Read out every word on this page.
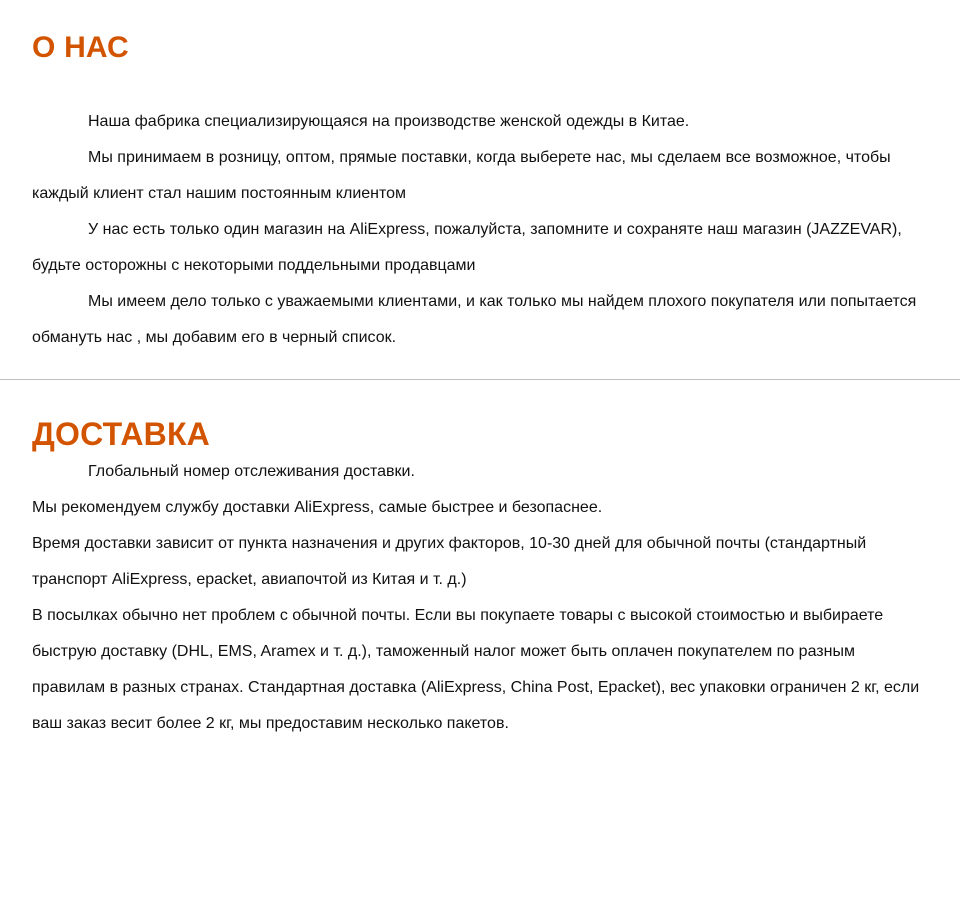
О НАС

Наша фабрика специализирующаяся на производстве женской одежды в Китае.

Мы принимаем в розницу, оптом, прямые поставки, когда выберете нас, мы сделаем все возможное, чтобы каждый клиент стал нашим постоянным клиентом

У нас есть только один магазин на AliExpress, пожалуйста, запомните и сохраняте наш магазин (JAZZEVAR), будьте осторожны с некоторыми поддельными продавцами

Мы имеем дело только с уважаемыми клиентами, и как только мы найдем плохого покупателя или попытается обмануть нас , мы добавим его в черный список.

ДОСТАВКА

Глобальный номер отслеживания доставки.

Мы рекомендуем службу доставки AliExpress, самые быстрее и безопаснее.

Время доставки зависит от пункта назначения и других факторов, 10-30 дней для обычной почты (стандартный транспорт AliExpress, epacket, авиапочтой из Китая и т. д.)

В посылках обычно нет проблем с обычной почты. Если вы покупаете товары с высокой стоимостью и выбираете быструю доставку (DHL, EMS, Aramex и т. д.), таможенный налог может быть оплачен покупателем по разным правилам в разных странах. Стандартная доставка (AliExpress, China Post, Epacket), вес упаковки ограничен 2 кг, если ваш заказ весит более 2 кг, мы предоставим несколько пакетов.
